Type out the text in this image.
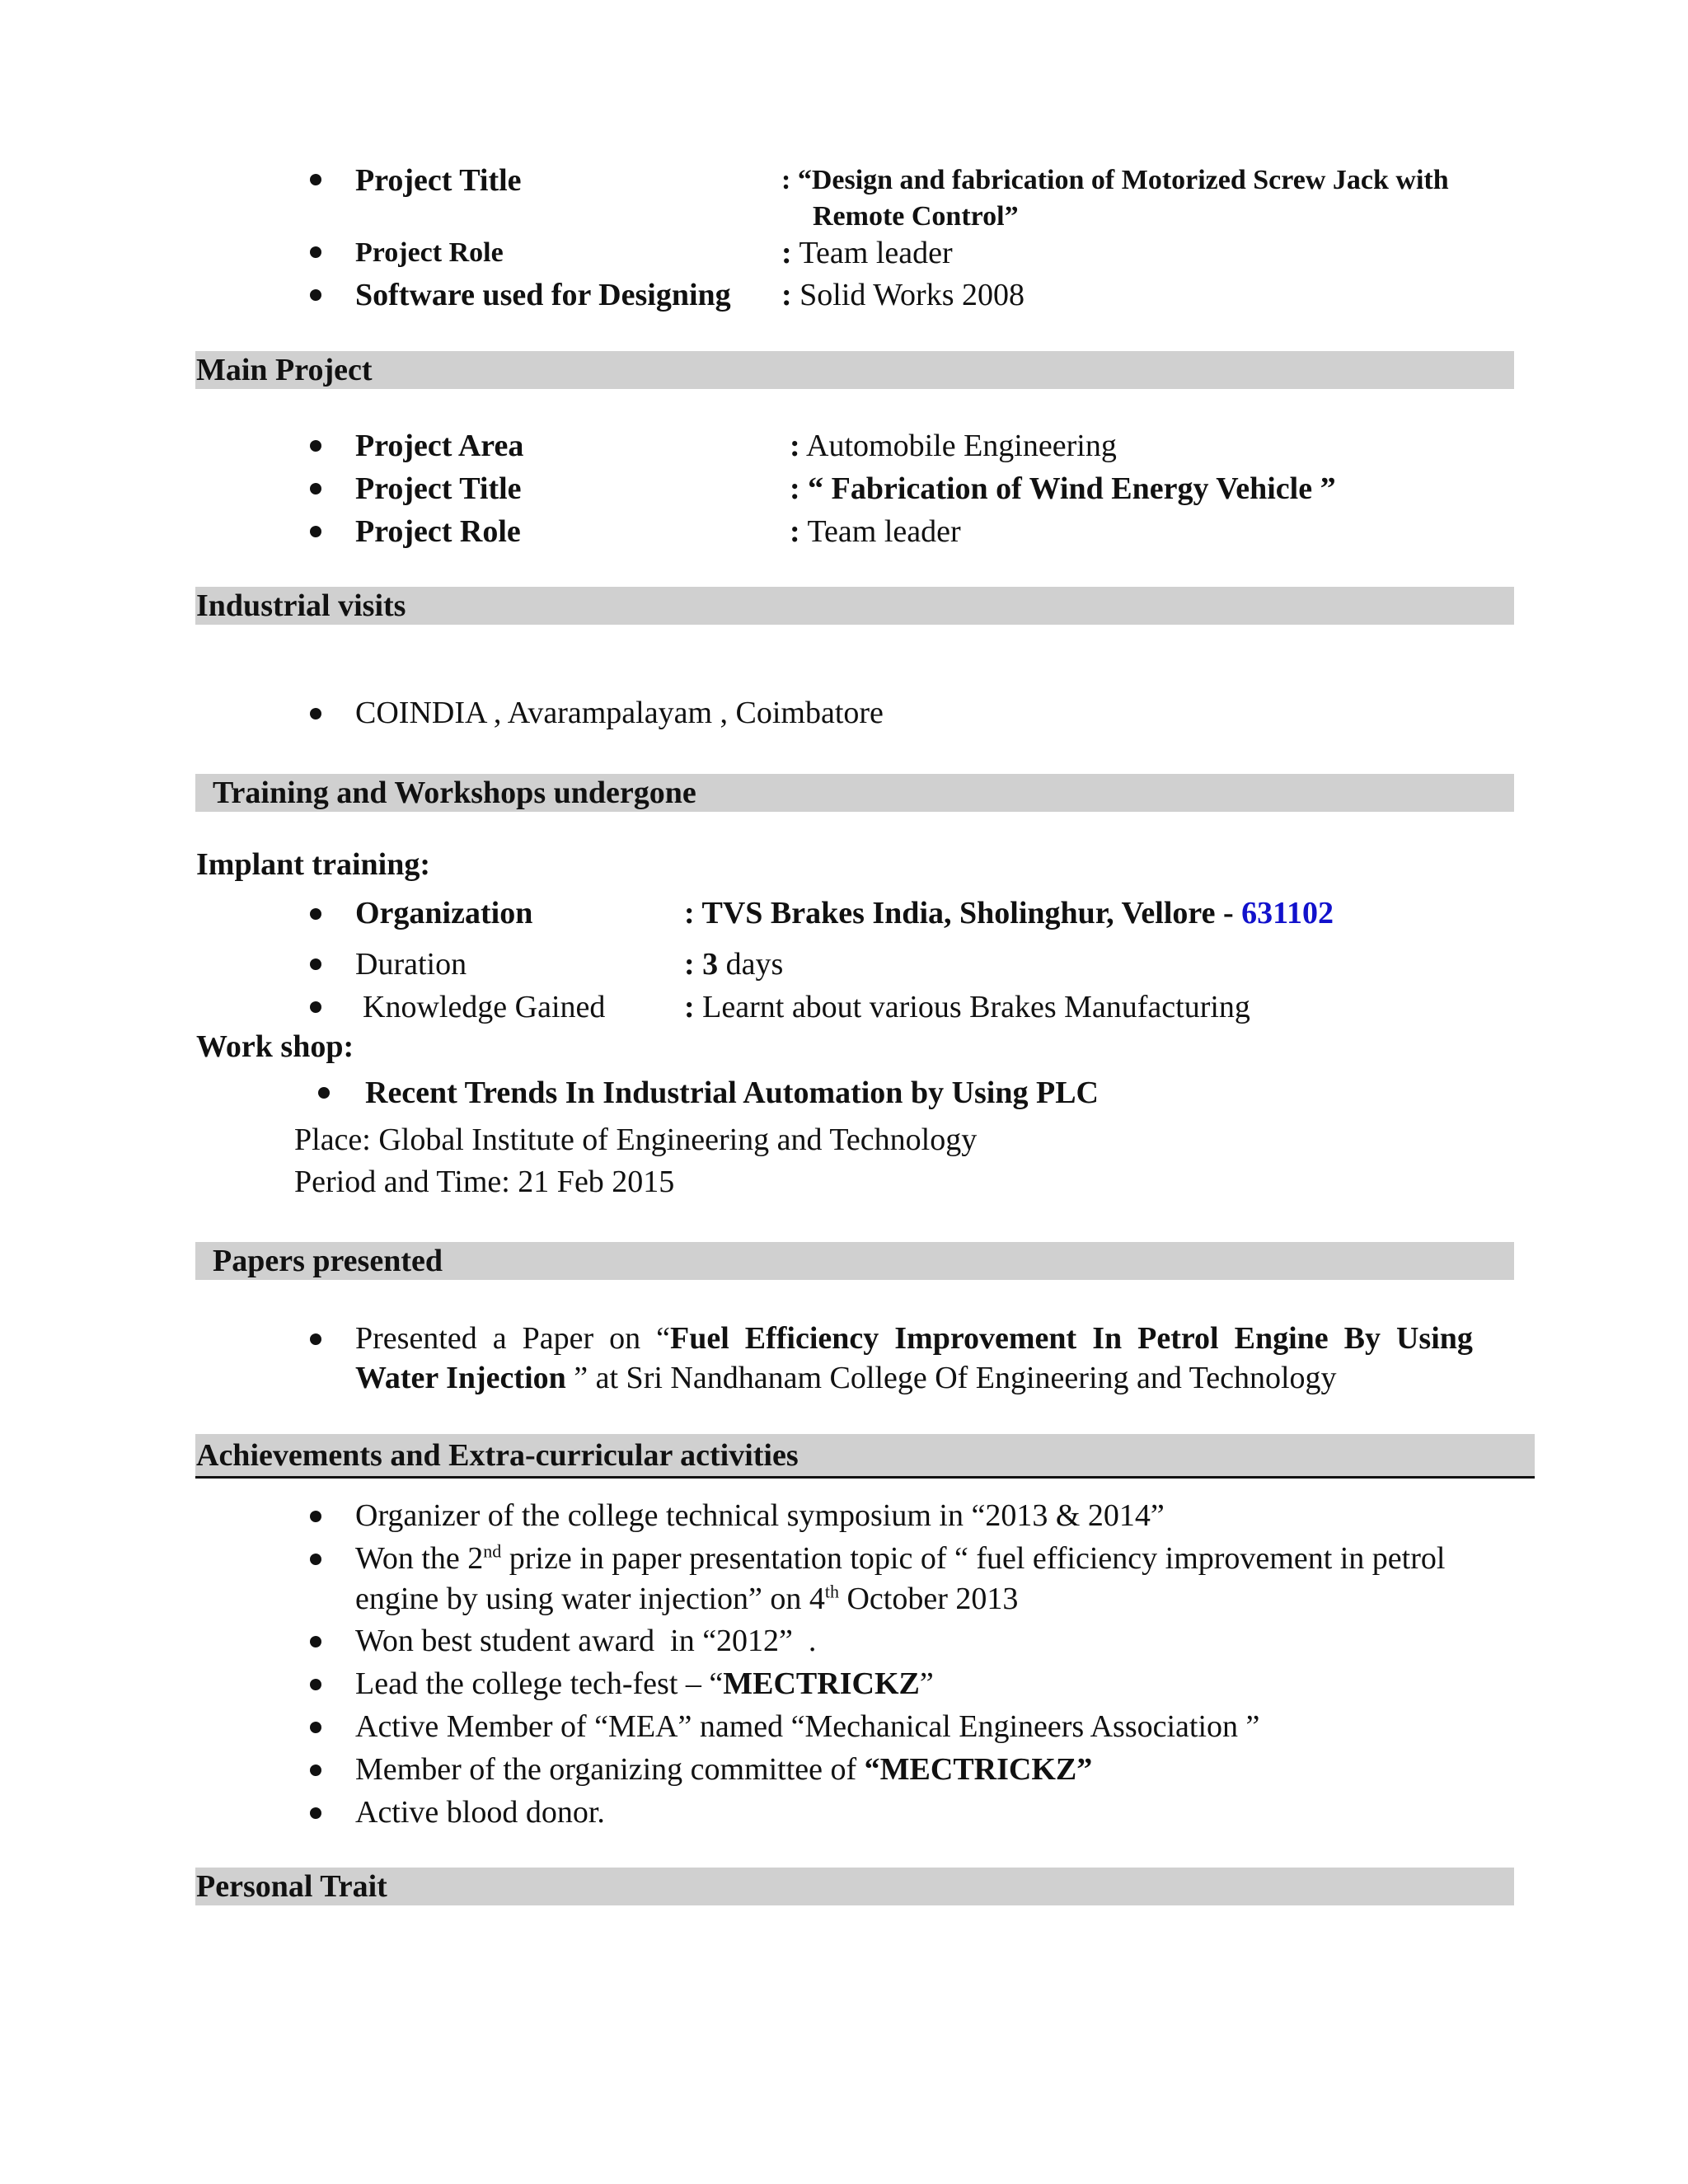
Project Title	: “Design and fabrication of Motorized Screw Jack with
Remote Control”
Project Role	: Team leader
Software used for Designing : Solid Works 2008
Main Project
Project Area	: Automobile Engineering
Project Title	: “ Fabrication of Wind Energy Vehicle ”
Project Role	: Team leader
Industrial visits
COINDIA , Avarampalayam , Coimbatore
Training and Workshops undergone
Implant training:
Organization	: TVS Brakes India, Sholinghur, Vellore - 631102
Duration	: 3 days
Knowledge Gained	: Learnt about various Brakes Manufacturing
Work shop:
Recent Trends In Industrial Automation by Using PLC
Place: Global Institute of Engineering and Technology
Period and Time: 21 Feb 2015
Papers presented
Presented  a  Paper  on  “Fuel  Efficiency  Improvement  In  Petrol  Engine  By  Using
Water Injection ” at Sri Nandhanam College Of Engineering and Technology
Achievements and Extra-curricular activities
Organizer of the college technical symposium in “2013 & 2014”
Won the 2nd prize in paper presentation topic of “ fuel efficiency improvement in petrol
engine by using water injection” on 4th October 2013
Won best student award  in “2012”  .
Lead the college tech-fest – “MECTRICKZ”
Active Member of “MEA” named “Mechanical Engineers Association ”
Member of the organizing committee of “MECTRICKZ”
Active blood donor.
Personal Trait
